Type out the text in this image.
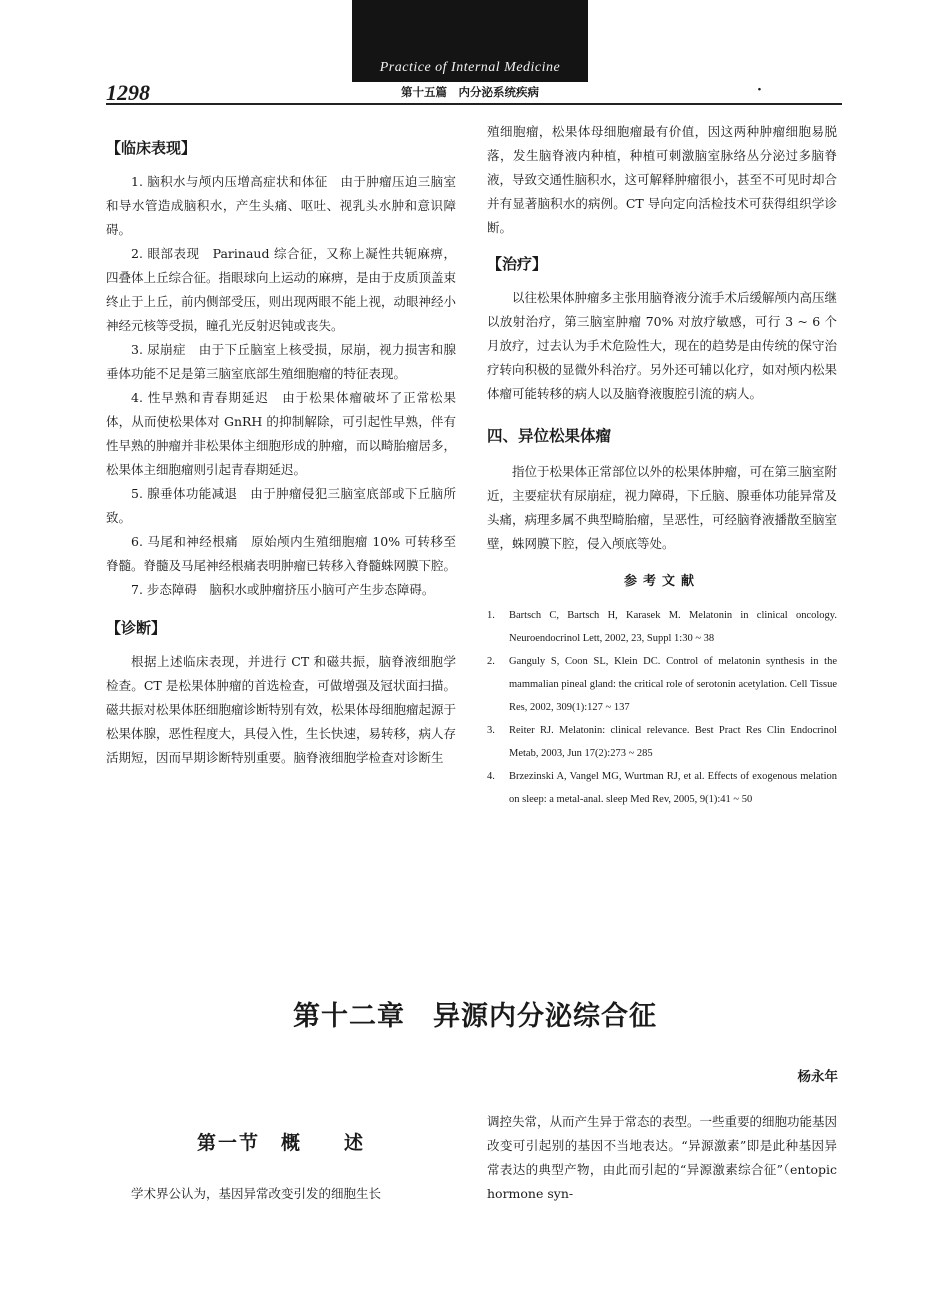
Practice of Internal Medicine
1298	第十五篇　内分泌系统疾病	·
【临床表现】

1. 脑积水与颅内压增高症状和体征　由于肿瘤压迫三脑室和导水管造成脑积水，产生头痛、呕吐、视乳头水肿和意识障碍。

2. 眼部表现　Parinaud 综合征，又称上凝性共轭麻痹，四叠体上丘综合征。指眼球向上运动的麻痹，是由于皮质顶盖束终止于上丘，前内侧部受压，则出现两眼不能上视，动眼神经小神经元核等受损，瞳孔光反射迟钝或丧失。

3. 尿崩症　由于下丘脑室上核受损，尿崩，视力损害和腺垂体功能不足是第三脑室底部生殖细胞瘤的特征表现。

4. 性早熟和青春期延迟　由于松果体瘤破坏了正常松果体，从而使松果体对 GnRH 的抑制解除，可引起性早熟，伴有性早熟的肿瘤并非松果体主细胞形成的肿瘤，而以畸胎瘤居多，松果体主细胞瘤则引起青春期延迟。

5. 腺垂体功能减退　由于肿瘤侵犯三脑室底部或下丘脑所致。

6. 马尾和神经根痛　原始颅内生殖细胞瘤 10% 可转移至脊髓。脊髓及马尾神经根痛表明肿瘤已转移入脊髓蛛网膜下腔。

7. 步态障碍　脑积水或肿瘤挤压小脑可产生步态障碍。

【诊断】

根据上述临床表现，并进行 CT 和磁共振，脑脊液细胞学检查。CT 是松果体肿瘤的首选检查，可做增强及冠状面扫描。磁共振对松果体胚细胞瘤诊断特别有效，松果体母细胞瘤起源于松果体腺，恶性程度大，具侵入性，生长快速，易转移，病人存活期短，因而早期诊断特别重要。脑脊液细胞学检查对诊断生

殖细胞瘤，松果体母细胞瘤最有价值，因这两种肿瘤细胞易脱落，发生脑脊液内种植，种植可刺激脑室脉络丛分泌过多脑脊液，导致交通性脑积水，这可解释肿瘤很小，甚至不可见时却合并有显著脑积水的病例。CT 导向定向活检技术可获得组织学诊断。

【治疗】

以往松果体肿瘤多主张用脑脊液分流手术后缓解颅内高压继以放射治疗，第三脑室肿瘤 70% 对放疗敏感，可行 3 ~ 6 个月放疗，过去认为手术危险性大，现在的趋势是由传统的保守治疗转向积极的显微外科治疗。另外还可辅以化疗，如对颅内松果体瘤可能转移的病人以及脑脊液腹腔引流的病人。

四、异位松果体瘤

指位于松果体正常部位以外的松果体肿瘤，可在第三脑室附近，主要症状有尿崩症，视力障碍，下丘脑、腺垂体功能异常及头痛，病理多属不典型畸胎瘤，呈恶性，可经脑脊液播散至脑室壁，蛛网膜下腔，侵入颅底等处。

参考文献
1. Bartsch C, Bartsch H, Karasek M. Melatonin in clinical oncology. Neuroendocrinol Lett, 2002, 23, Suppl 1:30 ~ 38
2. Ganguly S, Coon SL, Klein DC. Control of melatonin synthesis in the mammalian pineal gland: the critical role of serotonin acetylation. Cell Tissue Res, 2002, 309(1):127 ~ 137
3. Reiter RJ. Melatonin: clinical relevance. Best Pract Res Clin Endocrinol Metab, 2003, Jun 17(2):273 ~ 285
4. Brzezinski A, Vangel MG, Wurtman RJ, et al. Effects of exogenous melation on sleep: a metal-anal. sleep Med Rev, 2005, 9(1):41 ~ 50
第十二章　异源内分泌综合征
杨永年
第一节　概　　述

学术界公认为，基因异常改变引发的细胞生长

调控失常，从而产生异于常态的表型。一些重要的细胞功能基因改变可引起别的基因不当地表达。“异源激素”即是此种基因异常表达的典型产物，由此而引起的“异源激素综合征”（entopic hormone syn-
